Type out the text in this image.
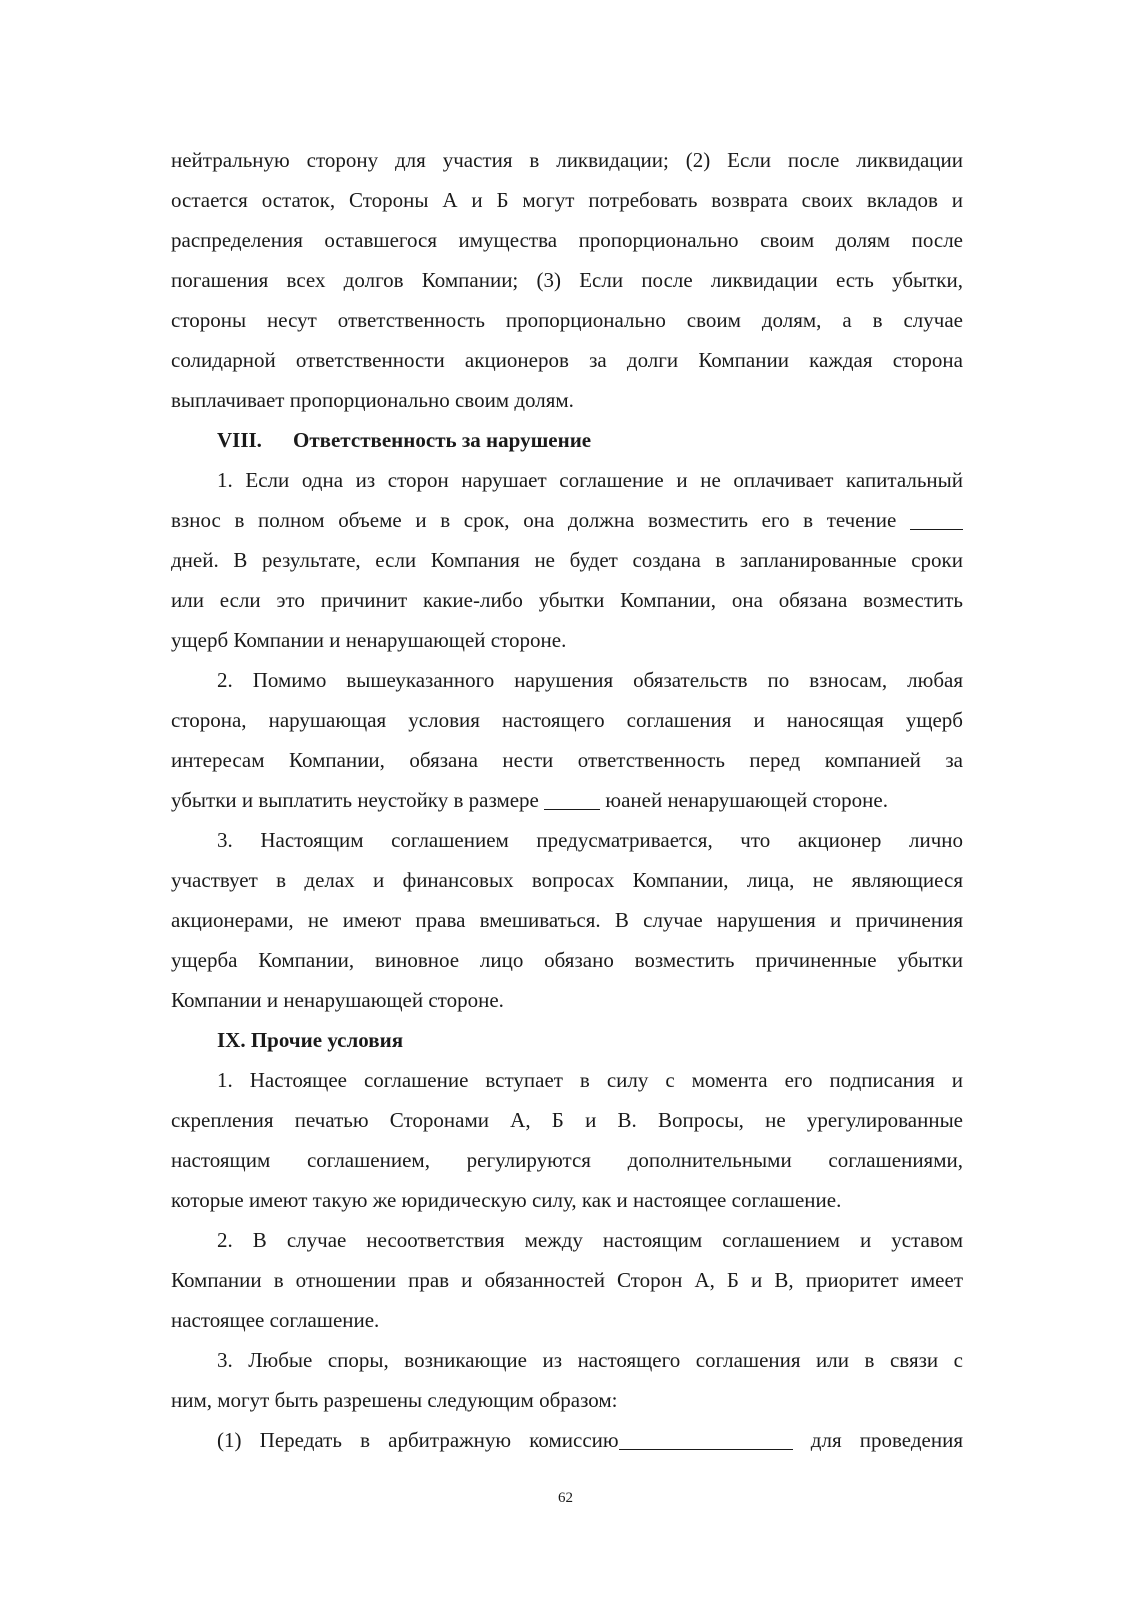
нейтральную сторону для участия в ликвидации; (2) Если после ликвидации
остается остаток, Стороны А и Б могут потребовать возврата своих вкладов и
распределения оставшегося имущества пропорционально своим долям после
погашения всех долгов Компании; (3) Если после ликвидации есть убытки,
стороны несут ответственность пропорционально своим долям, а в случае
солидарной ответственности акционеров за долги Компании каждая сторона
выплачивает пропорционально своим долям.
VIII. Ответственность за нарушение
1. Если одна из сторон нарушает соглашение и не оплачивает капитальный
взнос в полном объеме и в срок, она должна возместить его в течение
дней. В результате, если Компания не будет создана в запланированные сроки
или если это причинит какие-либо убытки Компании, она обязана возместить
ущерб Компании и ненарушающей стороне.
2. Помимо вышеуказанного нарушения обязательств по взносам, любая
сторона, нарушающая условия настоящего соглашения и наносящая ущерб
интересам Компании, обязана нести ответственность перед компанией за
убытки и выплатить неустойку в размере	юаней ненарушающей стороне.
3. Настоящим соглашением предусматривается, что акционер лично
участвует в делах и финансовых вопросах Компании, лица, не являющиеся
акционерами, не имеют права вмешиваться. В случае нарушения и причинения
ущерба Компании, виновное лицо обязано возместить причиненные убытки
Компании и ненарушающей стороне.
IX. Прочие условия
1. Настоящее соглашение вступает в силу с момента его подписания и
скрепления печатью Сторонами А, Б и В. Вопросы, не урегулированные
настоящим соглашением, регулируются дополнительными соглашениями,
которые имеют такую же юридическую силу, как и настоящее соглашение.
2. В случае несоответствия между настоящим соглашением и уставом
Компании в отношении прав и обязанностей Сторон А, Б и В, приоритет имеет
настоящее соглашение.
3. Любые споры, возникающие из настоящего соглашения или в связи с
ним, могут быть разрешены следующим образом:
(1) Передать в арбитражную комиссию	для проведения
62
